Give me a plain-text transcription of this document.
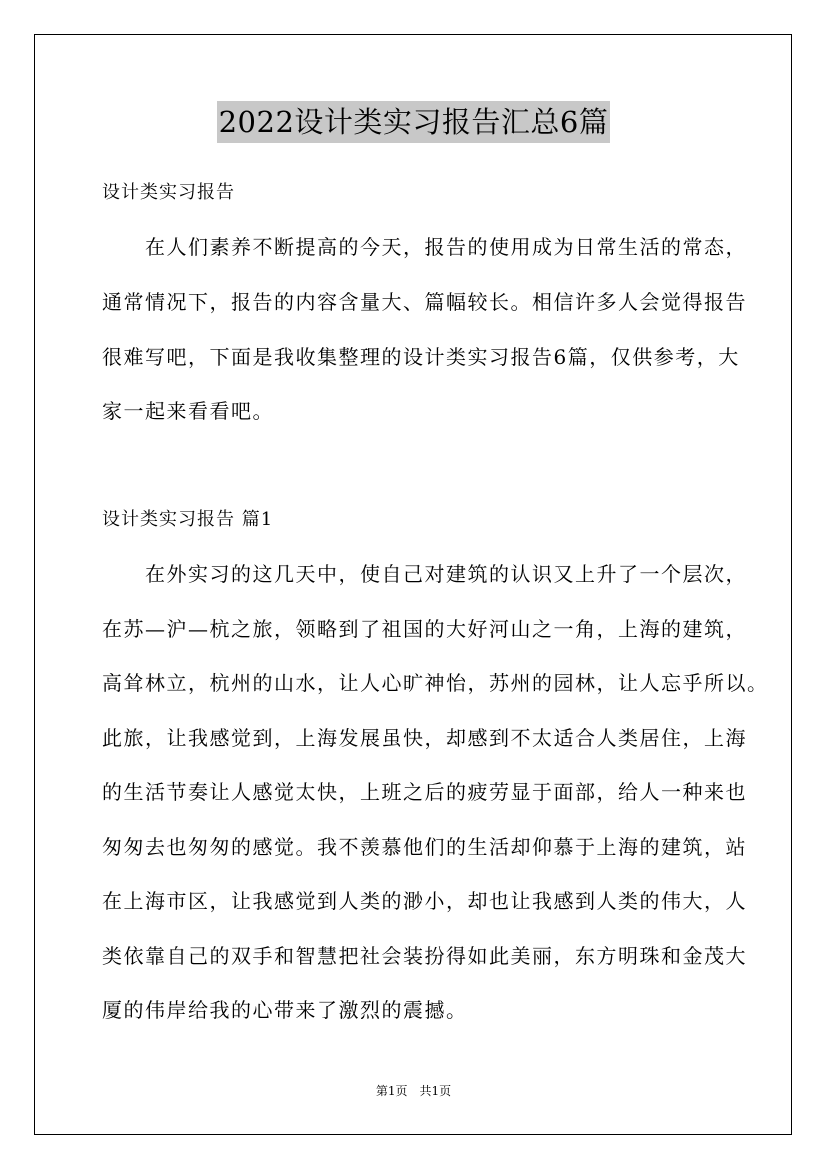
2022设计类实习报告汇总6篇
设计类实习报告
　　在人们素养不断提高的今天，报告的使用成为日常生活的常态，
通常情况下，报告的内容含量大、篇幅较长。相信许多人会觉得报告
很难写吧，下面是我收集整理的设计类实习报告6篇，仅供参考，大
家一起来看看吧。
设计类实习报告 篇1
　　在外实习的这几天中，使自己对建筑的认识又上升了一个层次，
在苏—沪—杭之旅，领略到了祖国的大好河山之一角，上海的建筑，
高耸林立，杭州的山水，让人心旷神怡，苏州的园林，让人忘乎所以。
此旅，让我感觉到，上海发展虽快，却感到不太适合人类居住，上海
的生活节奏让人感觉太快，上班之后的疲劳显于面部，给人一种来也
匆匆去也匆匆的感觉。我不羡慕他们的生活却仰慕于上海的建筑，站
在上海市区，让我感觉到人类的渺小，却也让我感到人类的伟大，人
类依靠自己的双手和智慧把社会装扮得如此美丽，东方明珠和金茂大
厦的伟岸给我的心带来了激烈的震撼。
第1页　共1页
